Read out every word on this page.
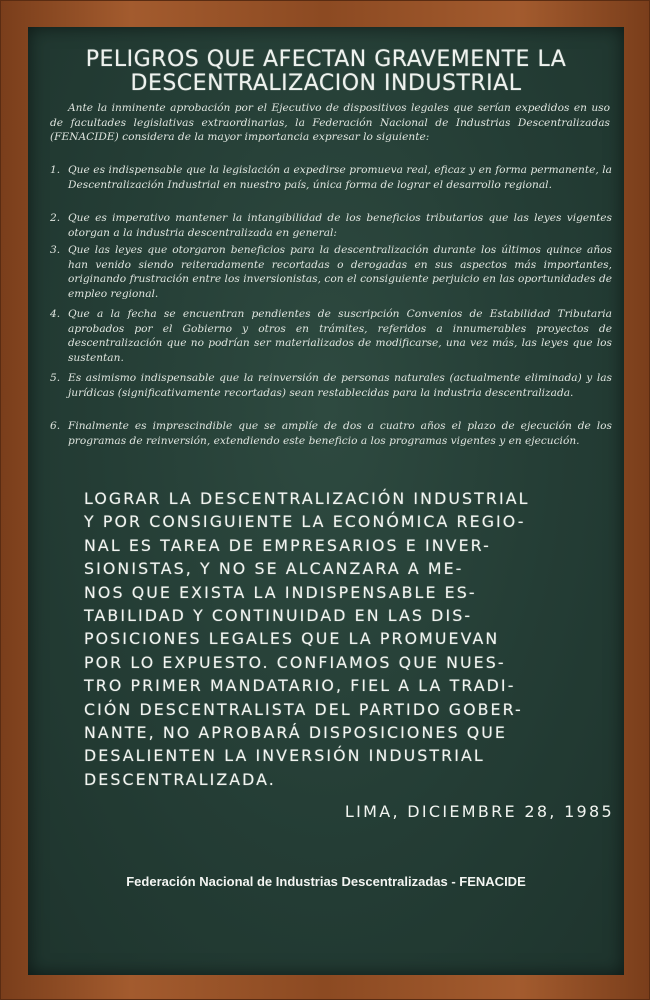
PELIGROS QUE AFECTAN GRAVEMENTE LA
DESCENTRALIZACION INDUSTRIAL

Ante la inminente aprobación por el Ejecutivo de dispositivos legales que serían expedidos en uso de facultades legislativas extraordinarias, la Federación Nacional de Industrias Descentralizadas (FENACIDE) considera de la mayor importancia expresar lo siguiente:

1. Que es indispensable que la legislación a expedirse promueva real, eficaz y en forma permanente, la Descentralización Industrial en nuestro país, única forma de lograr el desarrollo regional.
2. Que es imperativo mantener la intangibilidad de los beneficios tributarios que las leyes vigentes otorgan a la industria descentralizada en general:
3. Que las leyes que otorgaron beneficios para la descentralización durante los últimos quince años han venido siendo reiteradamente recortadas o derogadas en sus aspectos más importantes, originando frustración entre los inversionistas, con el consiguiente perjuicio en las oportunidades de empleo regional.
4. Que a la fecha se encuentran pendientes de suscripción Convenios de Estabilidad Tributaria aprobados por el Gobierno y otros en trámites, referidos a innumerables proyectos de descentralización que no podrían ser materializados de modificarse, una vez más, las leyes que los sustentan.
5. Es asimismo indispensable que la reinversión de personas naturales (actualmente eliminada) y las jurídicas (significativamente recortadas) sean restablecidas para la industria descentralizada.
6. Finalmente es imprescindible que se amplíe de dos a cuatro años el plazo de ejecución de los programas de reinversión, extendiendo este beneficio a los programas vigentes y en ejecución.
LOGRAR LA DESCENTRALIZACIÓN INDUSTRIAL
Y POR CONSIGUIENTE LA ECONÓMICA REGIO-
NAL ES TAREA DE EMPRESARIOS E INVER-
SIONISTAS, Y NO SE ALCANZARA A ME-
NOS QUE EXISTA LA INDISPENSABLE ES-
TABILIDAD Y CONTINUIDAD EN LAS DIS-
POSICIONES LEGALES QUE LA PROMUEVAN
POR LO EXPUESTO. CONFIAMOS QUE NUES-
TRO PRIMER MANDATARIO, FIEL A LA TRADI-
CIÓN DESCENTRALISTA DEL PARTIDO GOBER-
NANTE, NO APROBARÁ DISPOSICIONES QUE
DESALIENTEN LA INVERSIÓN INDUSTRIAL
DESCENTRALIZADA.
LIMA, DICIEMBRE 28, 1985
Federación Nacional de Industrias Descentralizadas - FENACIDE
